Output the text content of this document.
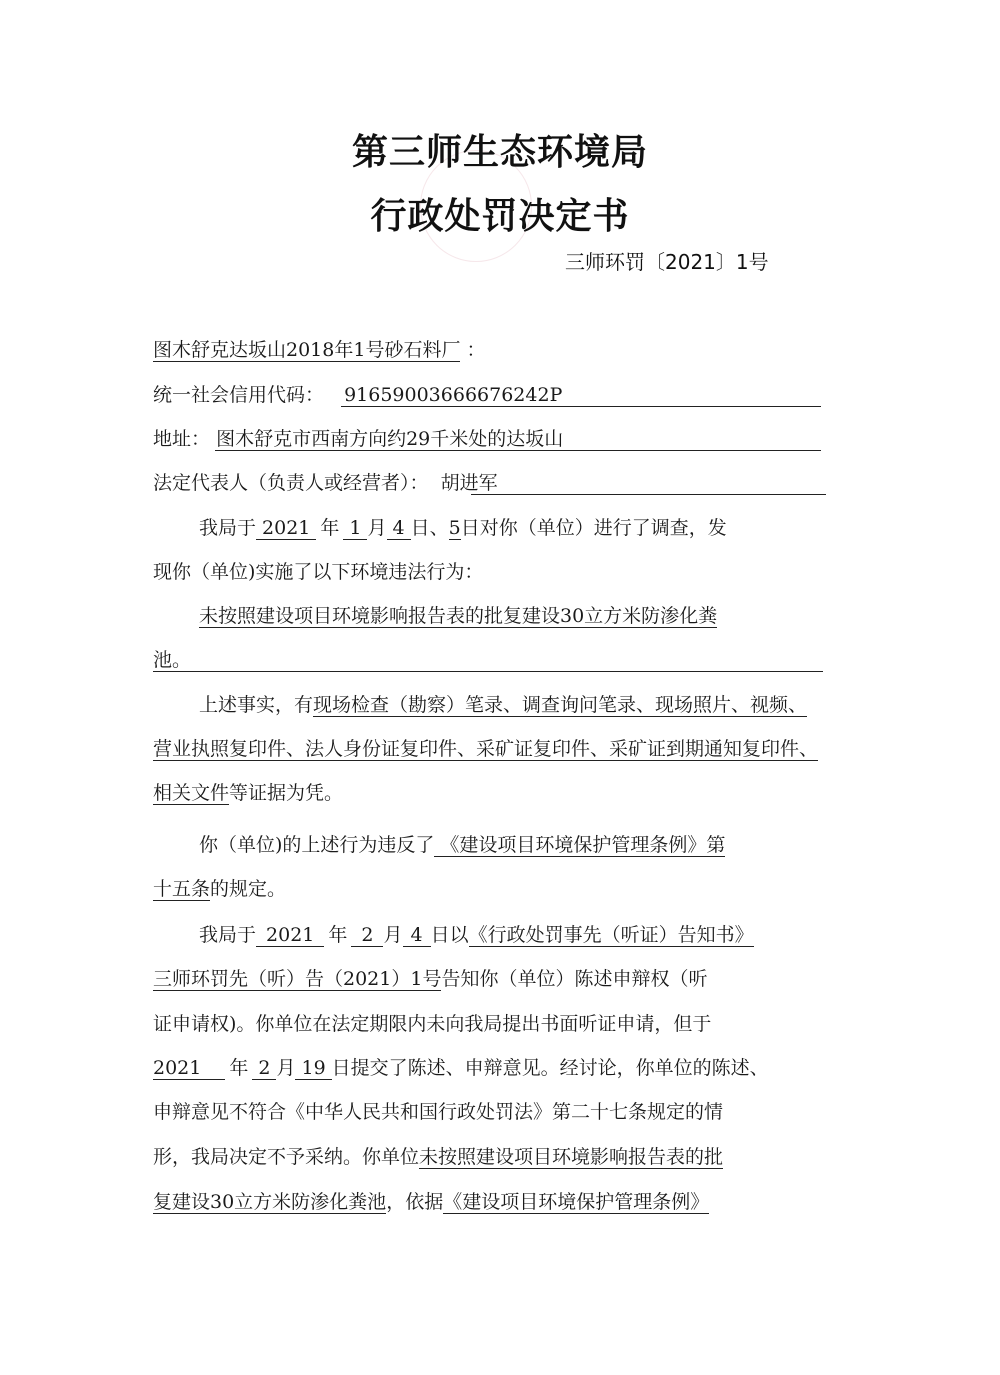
第三师生态环境局
行政处罚决定书
三师环罚〔2021〕1号
图木舒克达坂山2018年1号砂石料厂 ：
统一社会信用代码： 91659003666676242P
地址： 图木舒克市西南方向约29千米处的达坂山
法定代表人（负责人或经营者）： 胡进军
我局于 2021 年 1 月 4 日、5日对你（单位）进行了调查，发
现你（单位)实施了以下环境违法行为：
未按照建设项目环境影响报告表的批复建设30立方米防渗化粪
池。
上述事实，有现场检查（勘察）笔录、调查询问笔录、现场照片、视频、
营业执照复印件、法人身份证复印件、采矿证复印件、采矿证到期通知复印件、
相关文件等证据为凭。
你（单位)的上述行为违反了 《建设项目环境保护管理条例》第
十五条的规定。
我局于 2021 年 2 月 4 日以《行政处罚事先（听证）告知书》
三师环罚先（听）告（2021）1号告知你（单位）陈述申辩权（听
证申请权)。你单位在法定期限内未向我局提出书面听证申请，但于
2021 年 2 月 19 日提交了陈述、申辩意见。经讨论，你单位的陈述、
申辩意见不符合《中华人民共和国行政处罚法》第二十七条规定的情
形，我局决定不予采纳。你单位未按照建设项目环境影响报告表的批
复建设30立方米防渗化粪池，依据《建设项目环境保护管理条例》
